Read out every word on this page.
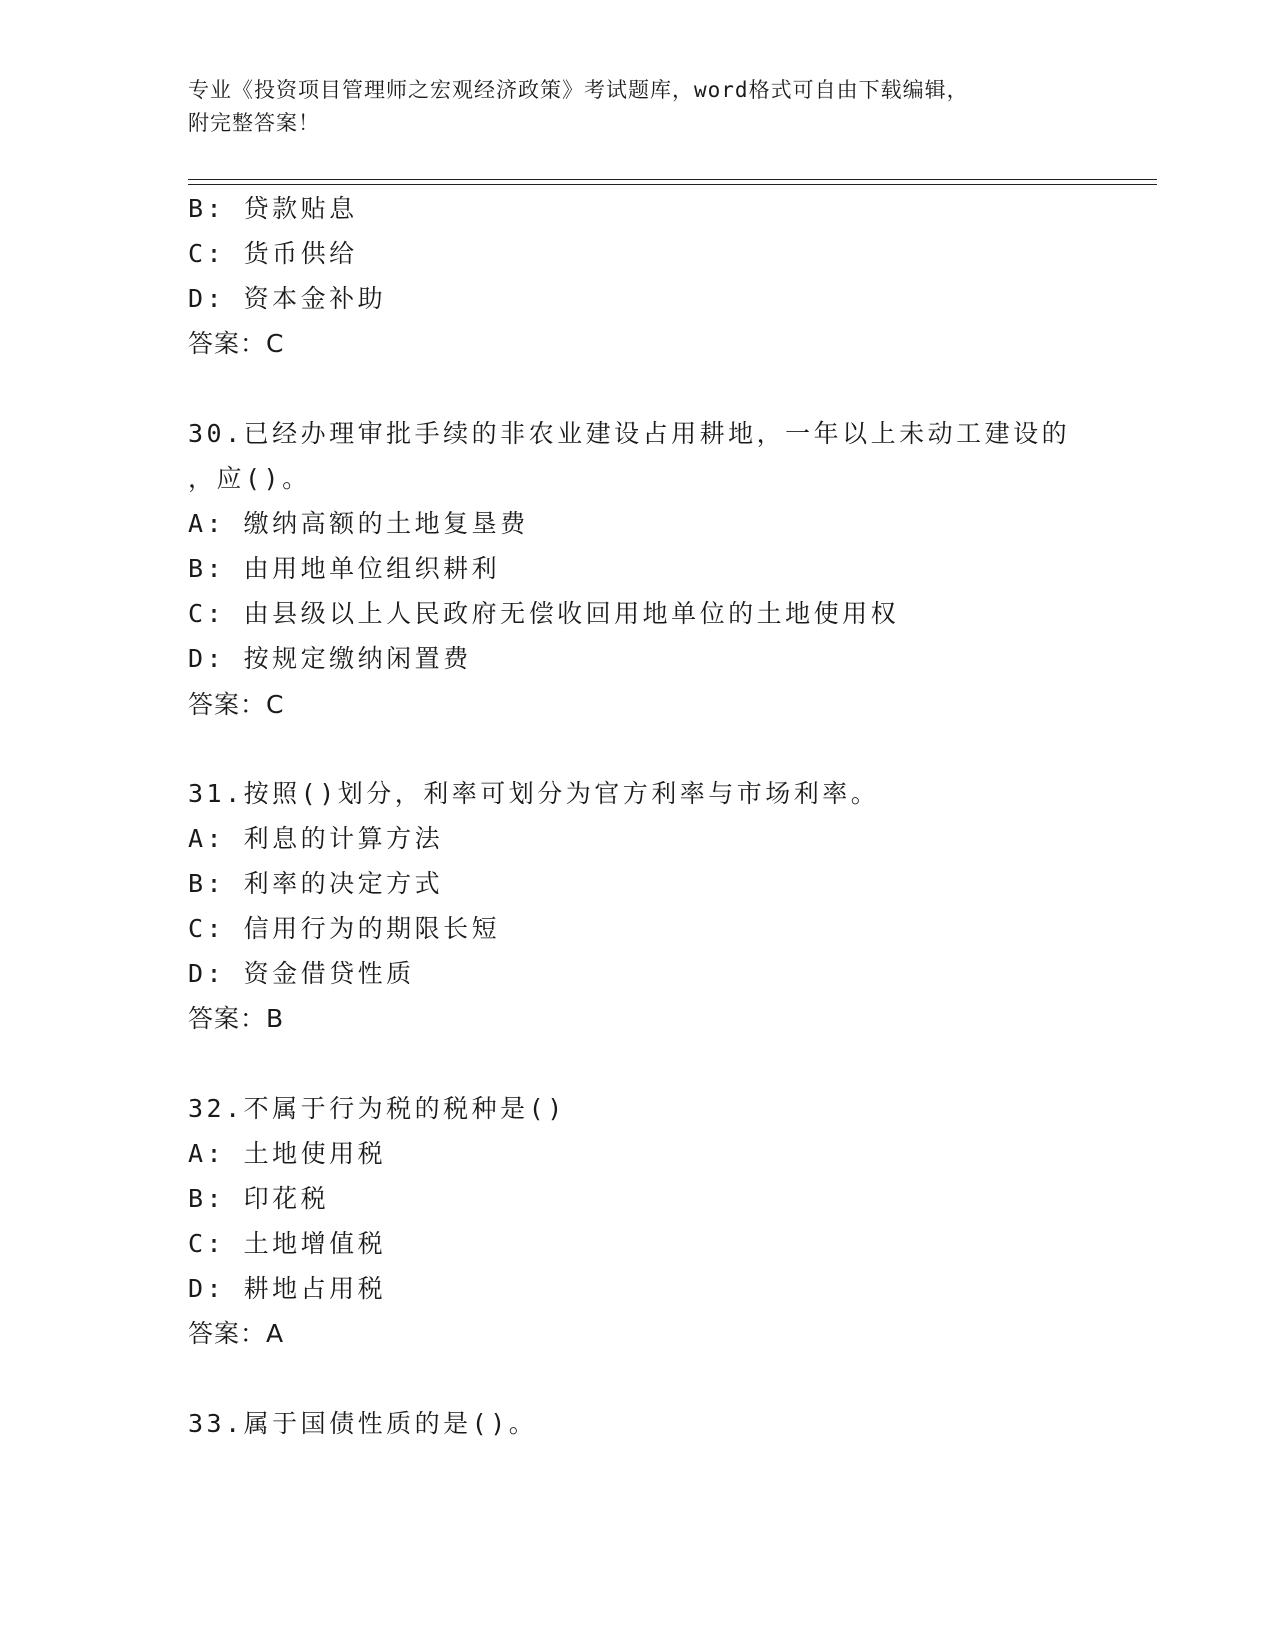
专业《投资项目管理师之宏观经济政策》考试题库，word格式可自由下载编辑，
附完整答案！
B: 贷款贴息
C: 货币供给
D: 资本金补助
答案：C
30.已经办理审批手续的非农业建设占用耕地，一年以上未动工建设的
，应()。
A: 缴纳高额的土地复垦费
B: 由用地单位组织耕利
C: 由县级以上人民政府无偿收回用地单位的土地使用权
D: 按规定缴纳闲置费
答案：C
31.按照()划分，利率可划分为官方利率与市场利率。
A: 利息的计算方法
B: 利率的决定方式
C: 信用行为的期限长短
D: 资金借贷性质
答案：B
32.不属于行为税的税种是()
A: 土地使用税
B: 印花税
C: 土地增值税
D: 耕地占用税
答案：A
33.属于国债性质的是()。
